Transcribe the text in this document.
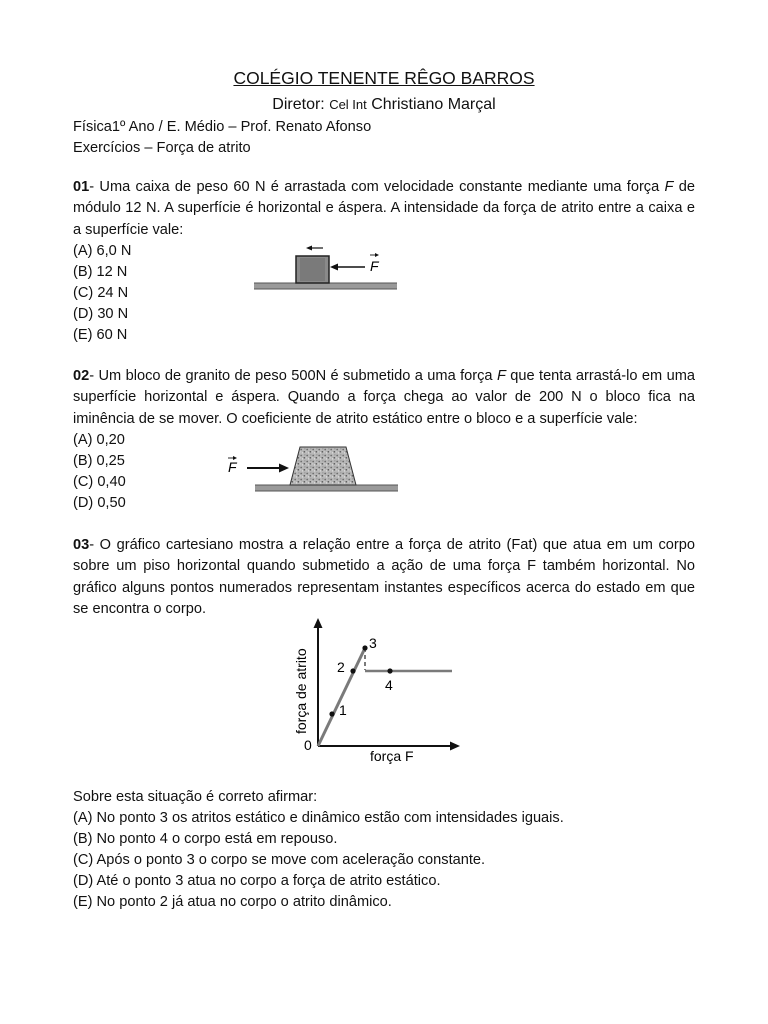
COLÉGIO TENENTE RÊGO BARROS
Diretor: Cel Int Christiano Marçal
Física1º Ano / E. Médio – Prof. Renato Afonso
Exercícios – Força de atrito
01- Uma caixa de peso 60 N é arrastada com velocidade constante mediante uma força F de módulo 12 N. A superfície é horizontal e áspera. A intensidade da força de atrito entre a caixa e a superfície vale:
(A) 6,0 N
(B) 12 N
(C) 24 N
(D) 30 N
(E) 60 N
F
02- Um bloco de granito de peso 500N é submetido a uma força F que tenta arrastá-lo em uma superfície horizontal e áspera. Quando a força chega ao valor de 200 N o bloco fica na iminência de se mover. O coeficiente de atrito estático entre o bloco e a superfície vale:
(A) 0,20
(B) 0,25
(C) 0,40
(D) 0,50
F
03- O gráfico cartesiano mostra a relação entre a força de atrito (Fat) que atua em um corpo sobre um piso horizontal quando submetido a ação de uma força F também horizontal. No gráfico alguns pontos numerados representam instantes específicos acerca do estado em que se encontra o corpo.
1
2
3
4
0
força F
força de atrito
Sobre esta situação é correto afirmar:
(A) No ponto 3 os atritos estático e dinâmico estão com intensidades iguais.
(B) No ponto 4 o corpo está em repouso.
(C) Após o ponto 3 o corpo se move com aceleração constante.
(D) Até o ponto 3 atua no corpo a força de atrito estático.
(E) No ponto 2 já atua no corpo o atrito dinâmico.
